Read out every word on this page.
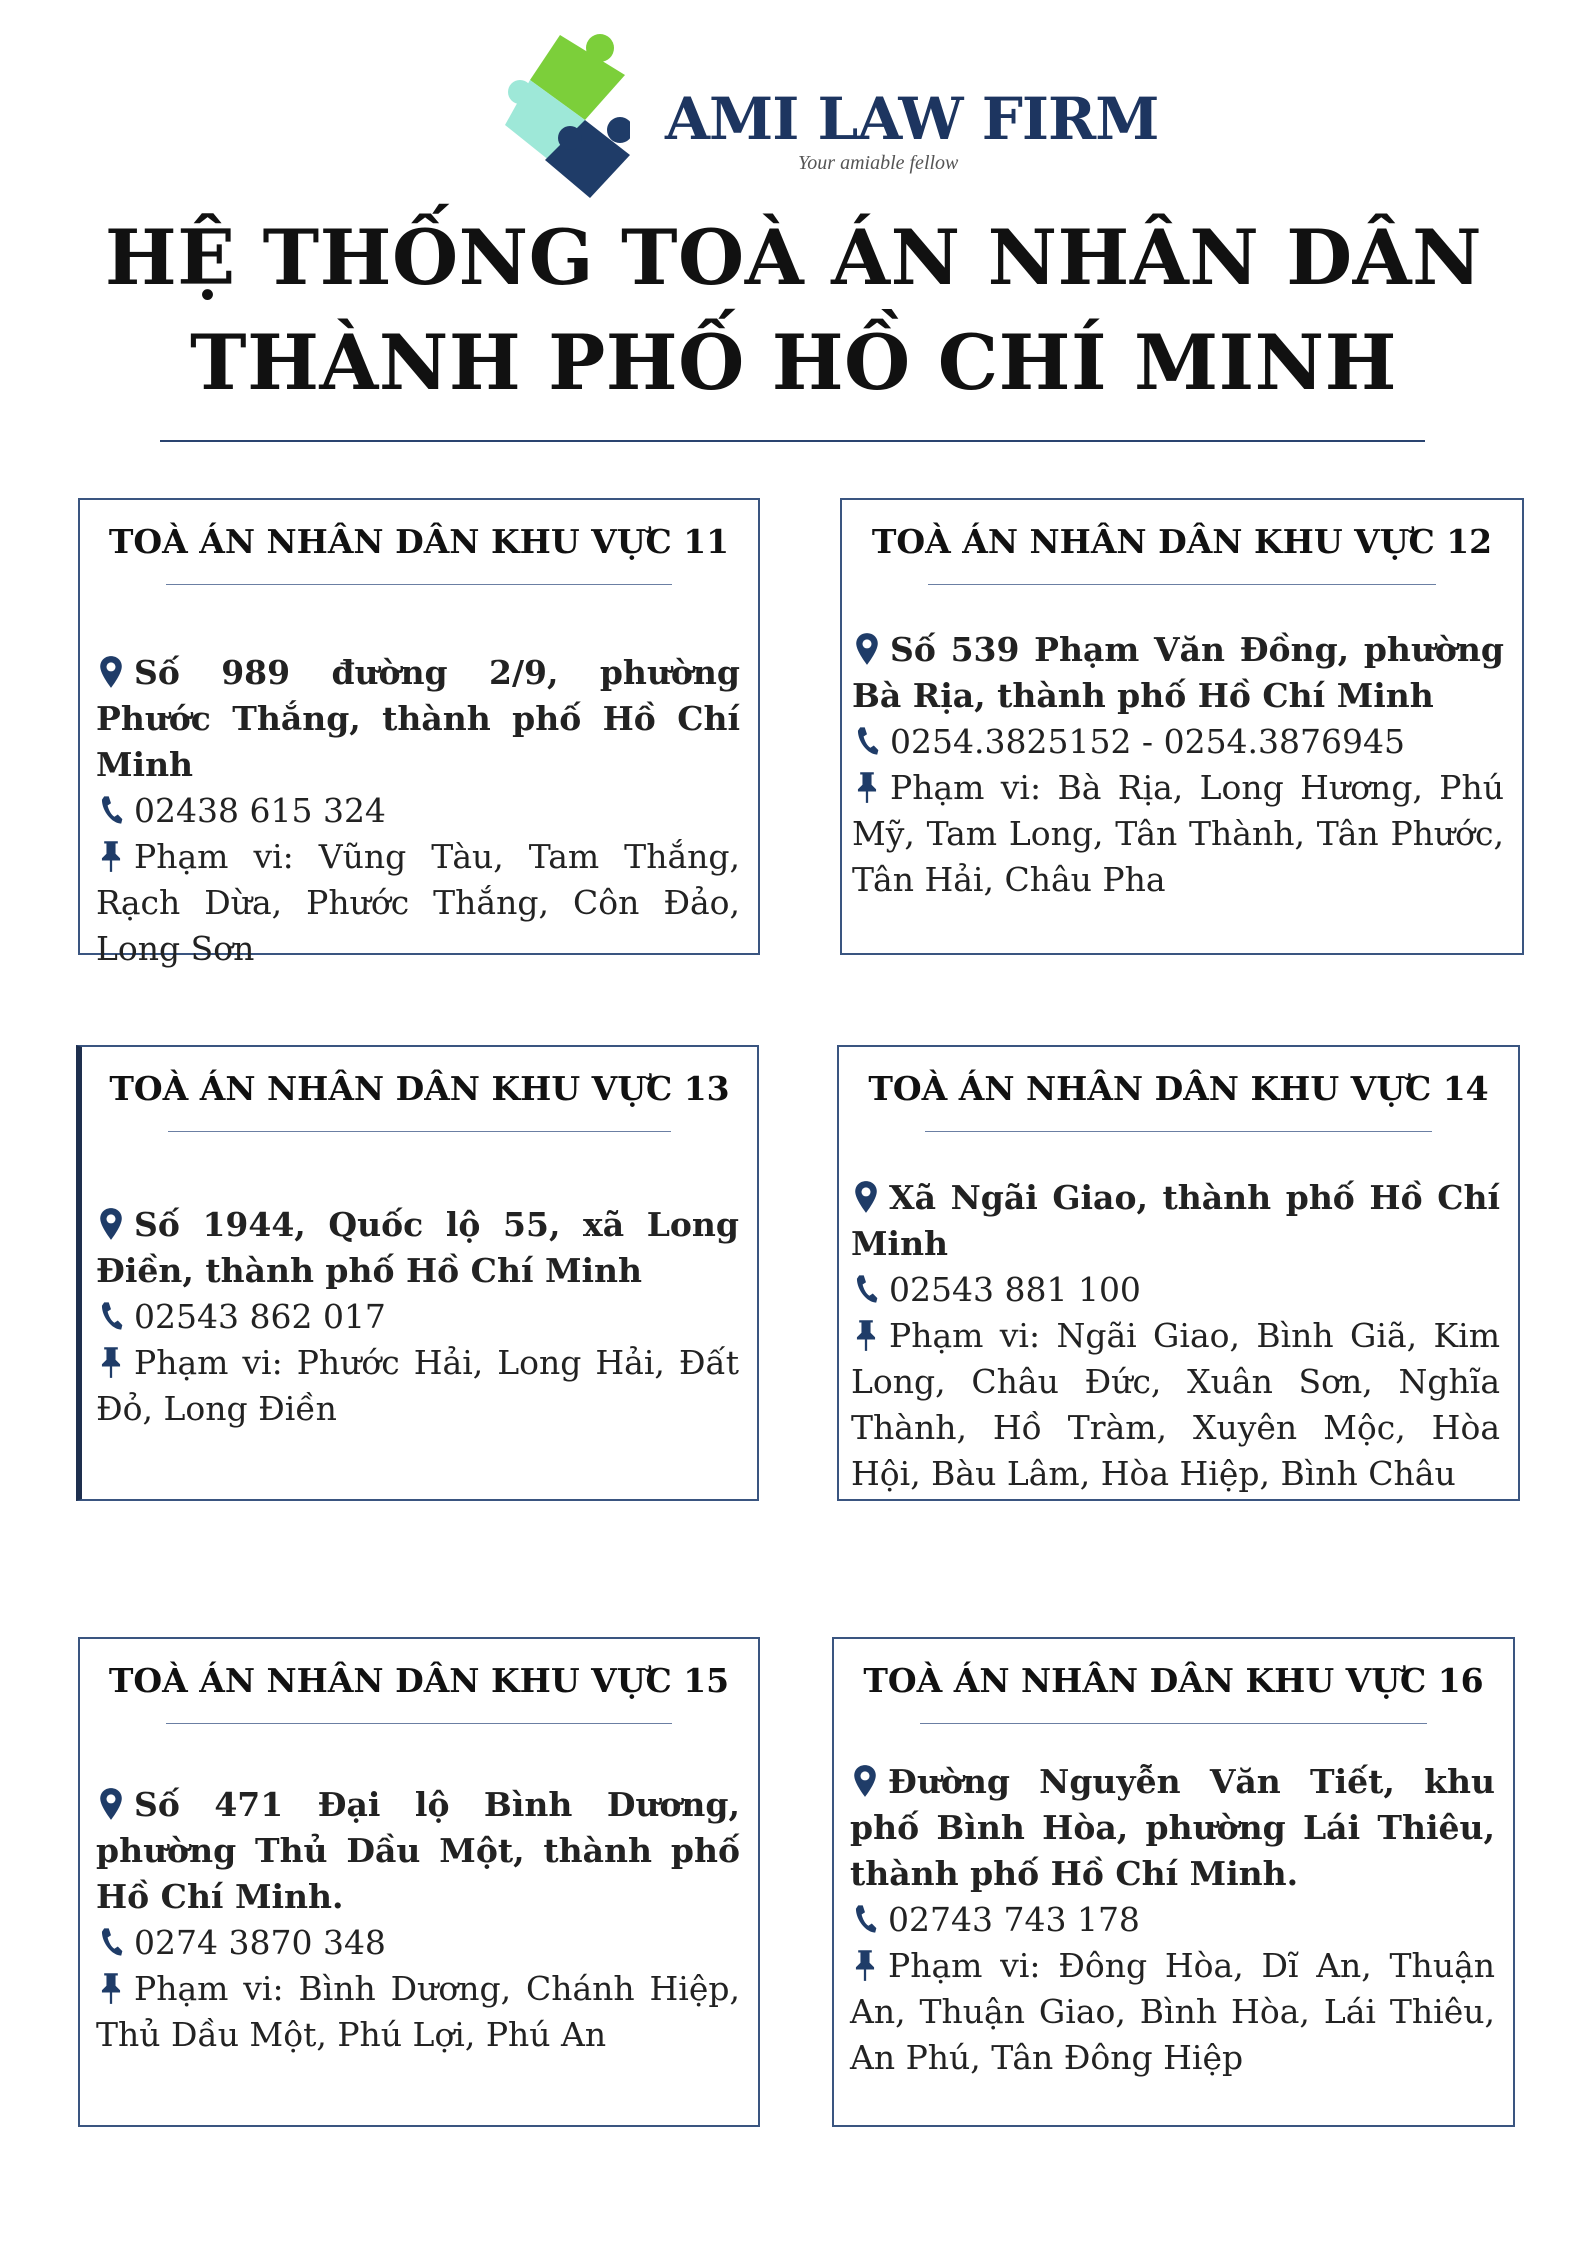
AMI LAW FIRM
Your amiable fellow
HỆ THỐNG TOÀ ÁN NHÂN DÂN
THÀNH PHỐ HỒ CHÍ MINH
TOÀ ÁN NHÂN DÂN KHU VỰC 11
Số 989 đường 2/9, phường Phước Thắng, thành phố Hồ Chí Minh
02438 615 324
Phạm vi: Vũng Tàu, Tam Thắng, Rạch Dừa, Phước Thắng, Côn Đảo, Long Sơn
TOÀ ÁN NHÂN DÂN KHU VỰC 12
Số 539 Phạm Văn Đồng, phường Bà Rịa, thành phố Hồ Chí Minh
0254.3825152 - 0254.3876945
Phạm vi: Bà Rịa, Long Hương, Phú Mỹ, Tam Long, Tân Thành, Tân Phước, Tân Hải, Châu Pha
TOÀ ÁN NHÂN DÂN KHU VỰC 13
Số 1944, Quốc lộ 55, xã Long Điền, thành phố Hồ Chí Minh
02543 862 017
Phạm vi: Phước Hải, Long Hải, Đất Đỏ, Long Điền
TOÀ ÁN NHÂN DÂN KHU VỰC 14
Xã Ngãi Giao, thành phố Hồ Chí Minh
02543 881 100
Phạm vi: Ngãi Giao, Bình Giã, Kim Long, Châu Đức, Xuân Sơn, Nghĩa Thành, Hồ Tràm, Xuyên Mộc, Hòa Hội, Bàu Lâm, Hòa Hiệp, Bình Châu
TOÀ ÁN NHÂN DÂN KHU VỰC 15
Số 471 Đại lộ Bình Dương, phường Thủ Dầu Một, thành phố Hồ Chí Minh.
0274 3870 348
Phạm vi: Bình Dương, Chánh Hiệp, Thủ Dầu Một, Phú Lợi, Phú An
TOÀ ÁN NHÂN DÂN KHU VỰC 16
Đường Nguyễn Văn Tiết, khu phố Bình Hòa, phường Lái Thiêu, thành phố Hồ Chí Minh.
02743 743 178
Phạm vi: Đông Hòa, Dĩ An, Thuận An, Thuận Giao, Bình Hòa, Lái Thiêu, An Phú, Tân Đông Hiệp
